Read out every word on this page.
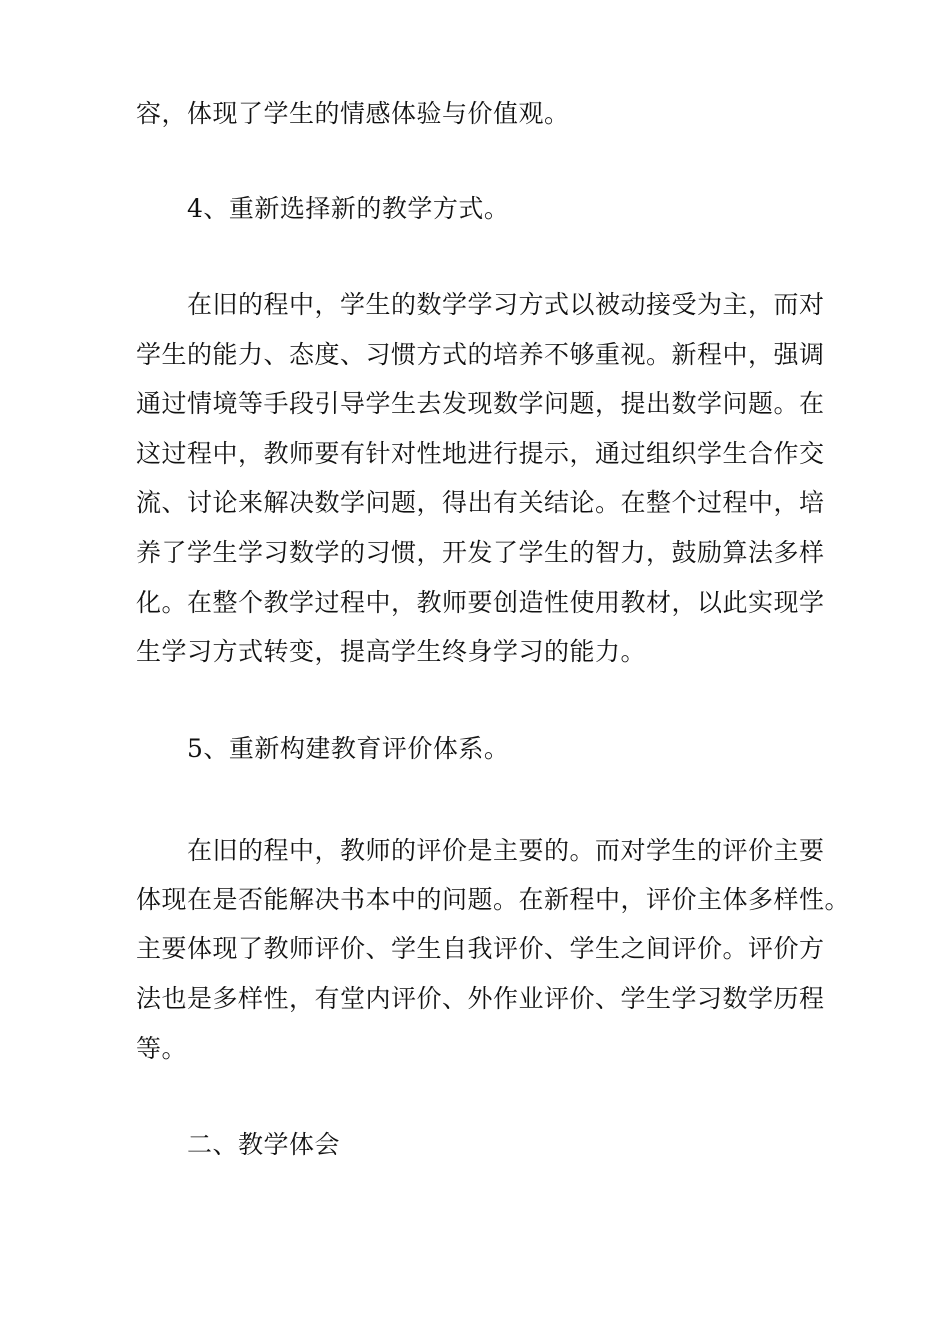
容，体现了学生的情感体验与价值观。
4、重新选择新的教学方式。
在旧的程中，学生的数学学习方式以被动接受为主，而对
学生的能力、态度、习惯方式的培养不够重视。新程中，强调
通过情境等手段引导学生去发现数学问题，提出数学问题。在
这过程中，教师要有针对性地进行提示，通过组织学生合作交
流、讨论来解决数学问题，得出有关结论。在整个过程中，培
养了学生学习数学的习惯，开发了学生的智力，鼓励算法多样
化。在整个教学过程中，教师要创造性使用教材，以此实现学
生学习方式转变，提高学生终身学习的能力。
5、重新构建教育评价体系。
在旧的程中，教师的评价是主要的。而对学生的评价主要
体现在是否能解决书本中的问题。在新程中，评价主体多样性。
主要体现了教师评价、学生自我评价、学生之间评价。评价方
法也是多样性，有堂内评价、外作业评价、学生学习数学历程
等。
二、教学体会
